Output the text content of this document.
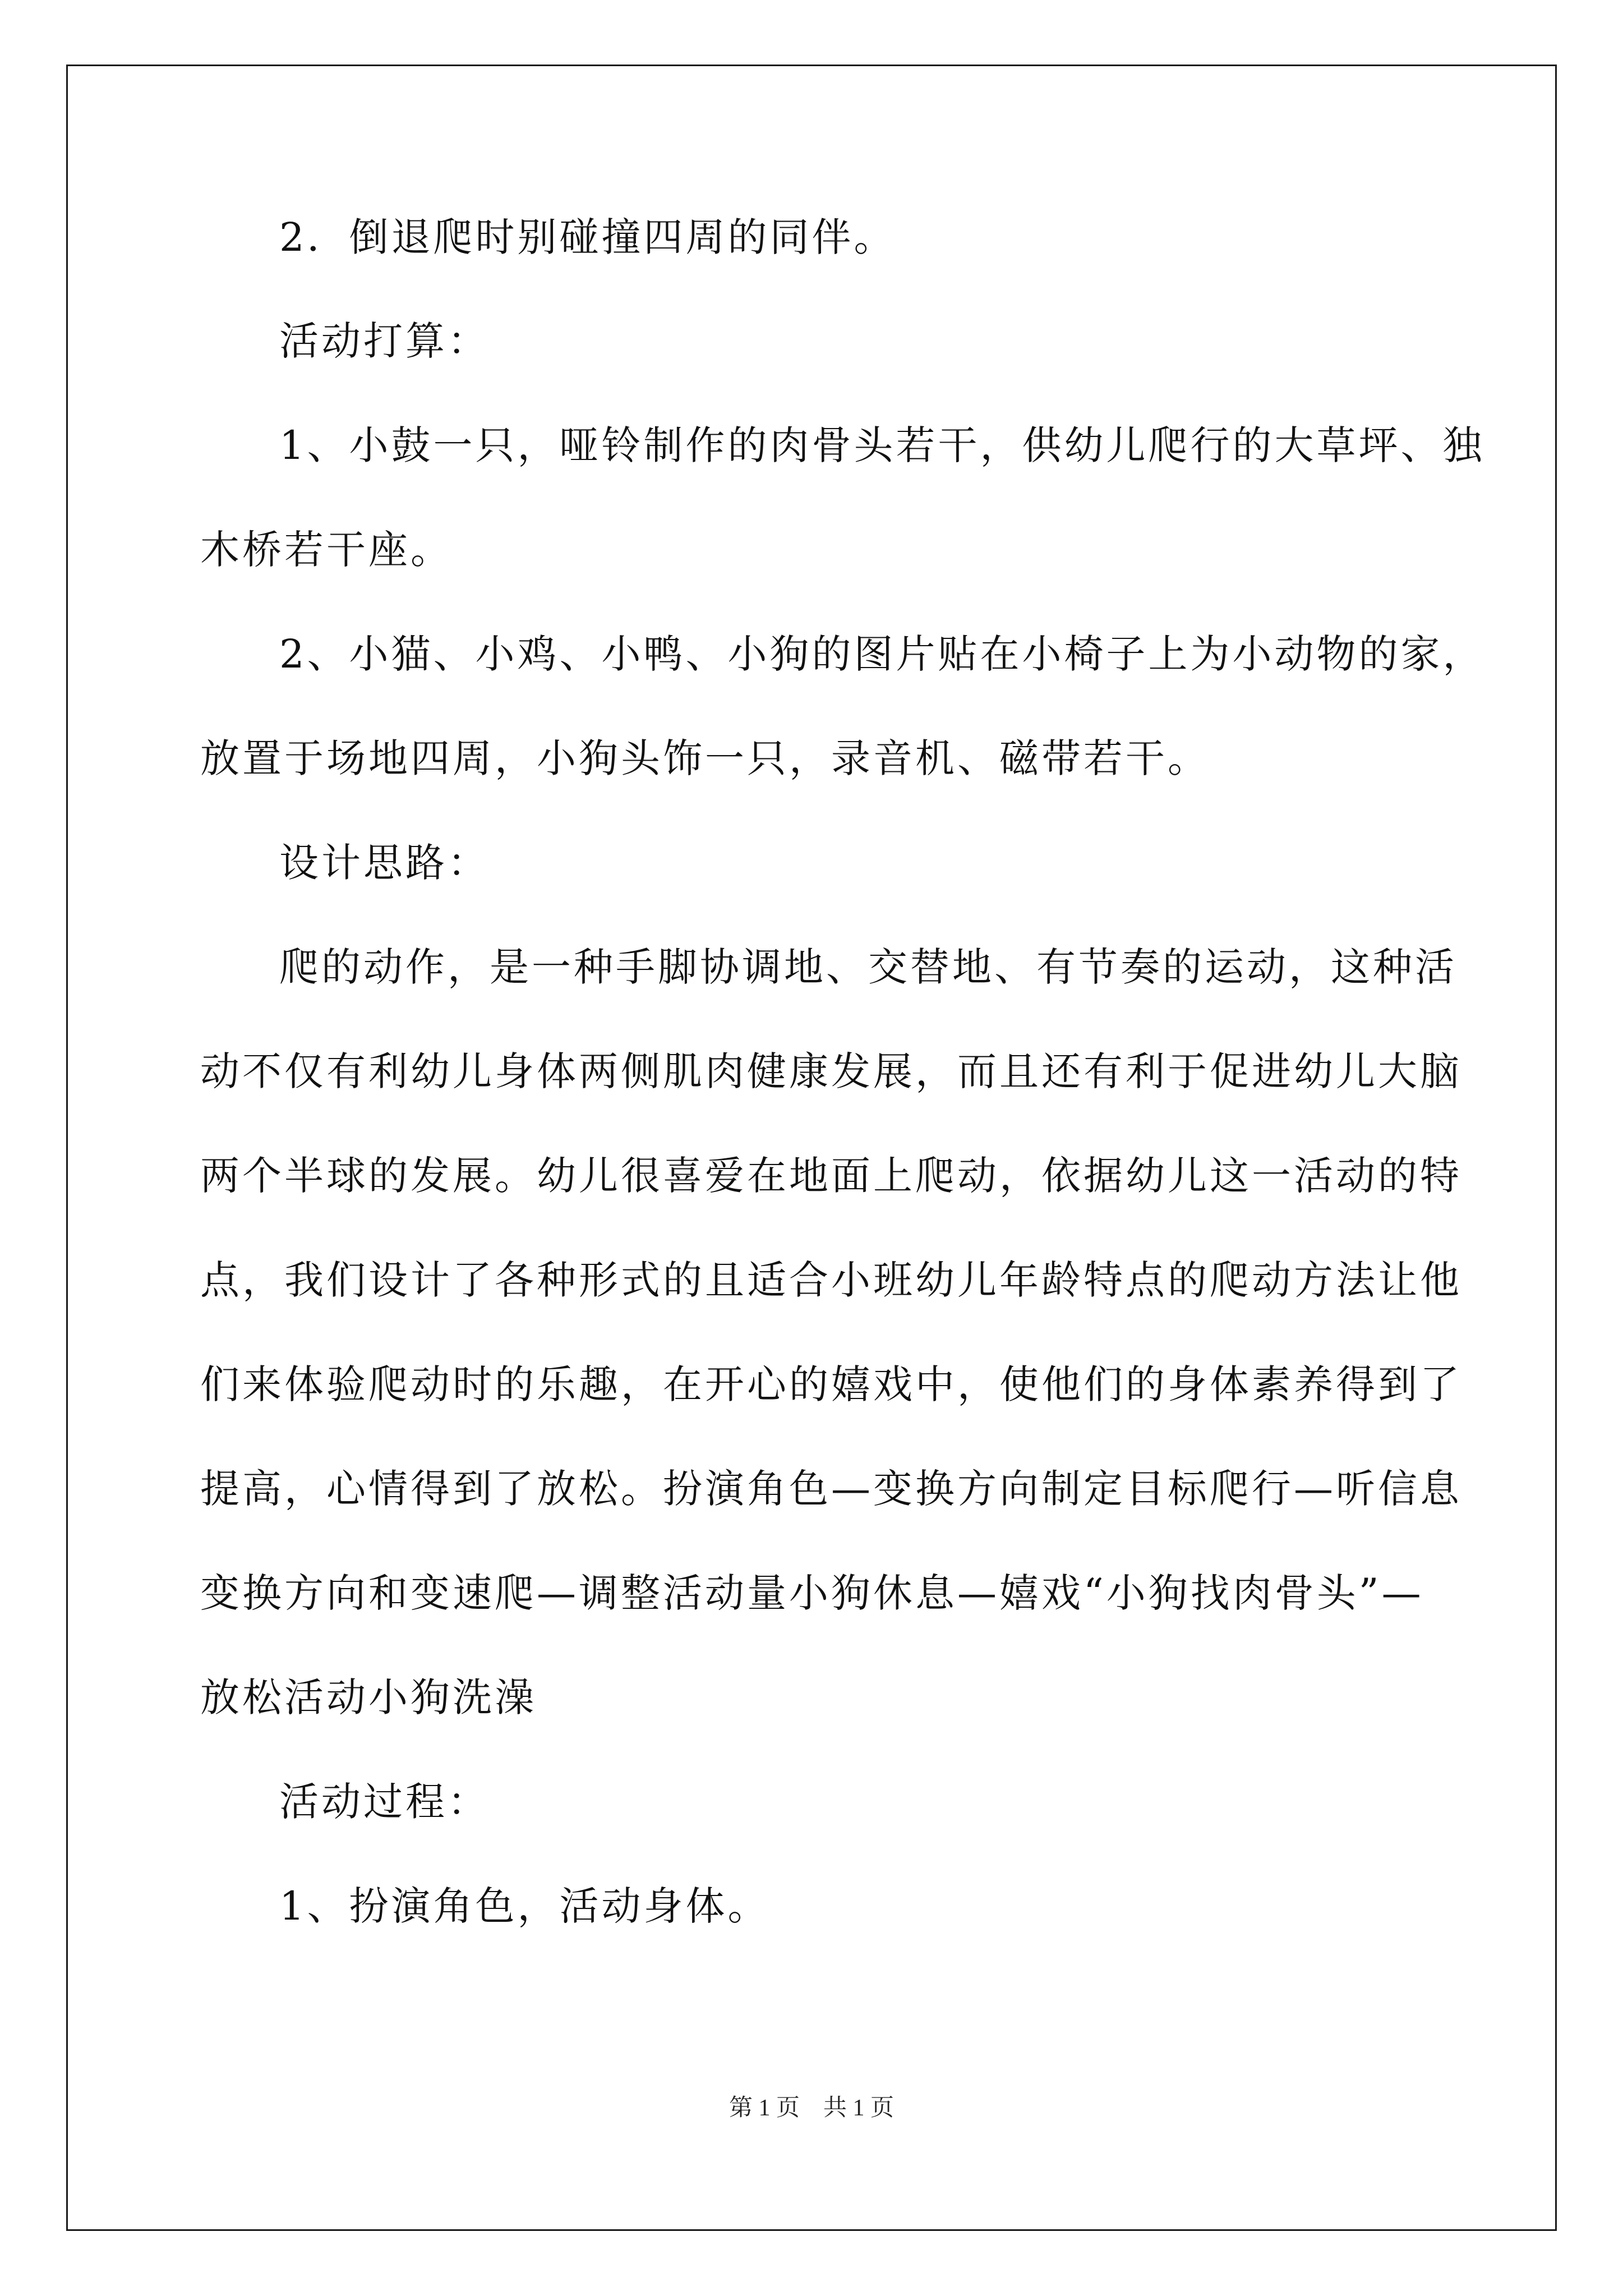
2．倒退爬时别碰撞四周的同伴。
活动打算：
1、小鼓一只，哑铃制作的肉骨头若干，供幼儿爬行的大草坪、独
木桥若干座。
2、小猫、小鸡、小鸭、小狗的图片贴在小椅子上为小动物的家，
放置于场地四周，小狗头饰一只，录音机、磁带若干。
设计思路：
爬的动作，是一种手脚协调地、交替地、有节奏的运动，这种活
动不仅有利幼儿身体两侧肌肉健康发展，而且还有利于促进幼儿大脑
两个半球的发展。幼儿很喜爱在地面上爬动，依据幼儿这一活动的特
点，我们设计了各种形式的且适合小班幼儿年龄特点的爬动方法让他
们来体验爬动时的乐趣，在开心的嬉戏中，使他们的身体素养得到了
提高，心情得到了放松。扮演角色—变换方向制定目标爬行—听信息
变换方向和变速爬—调整活动量小狗休息—嬉戏“小狗找肉骨头”—
放松活动小狗洗澡
活动过程：
1、扮演角色，活动身体。
第 1 页 共 1 页
